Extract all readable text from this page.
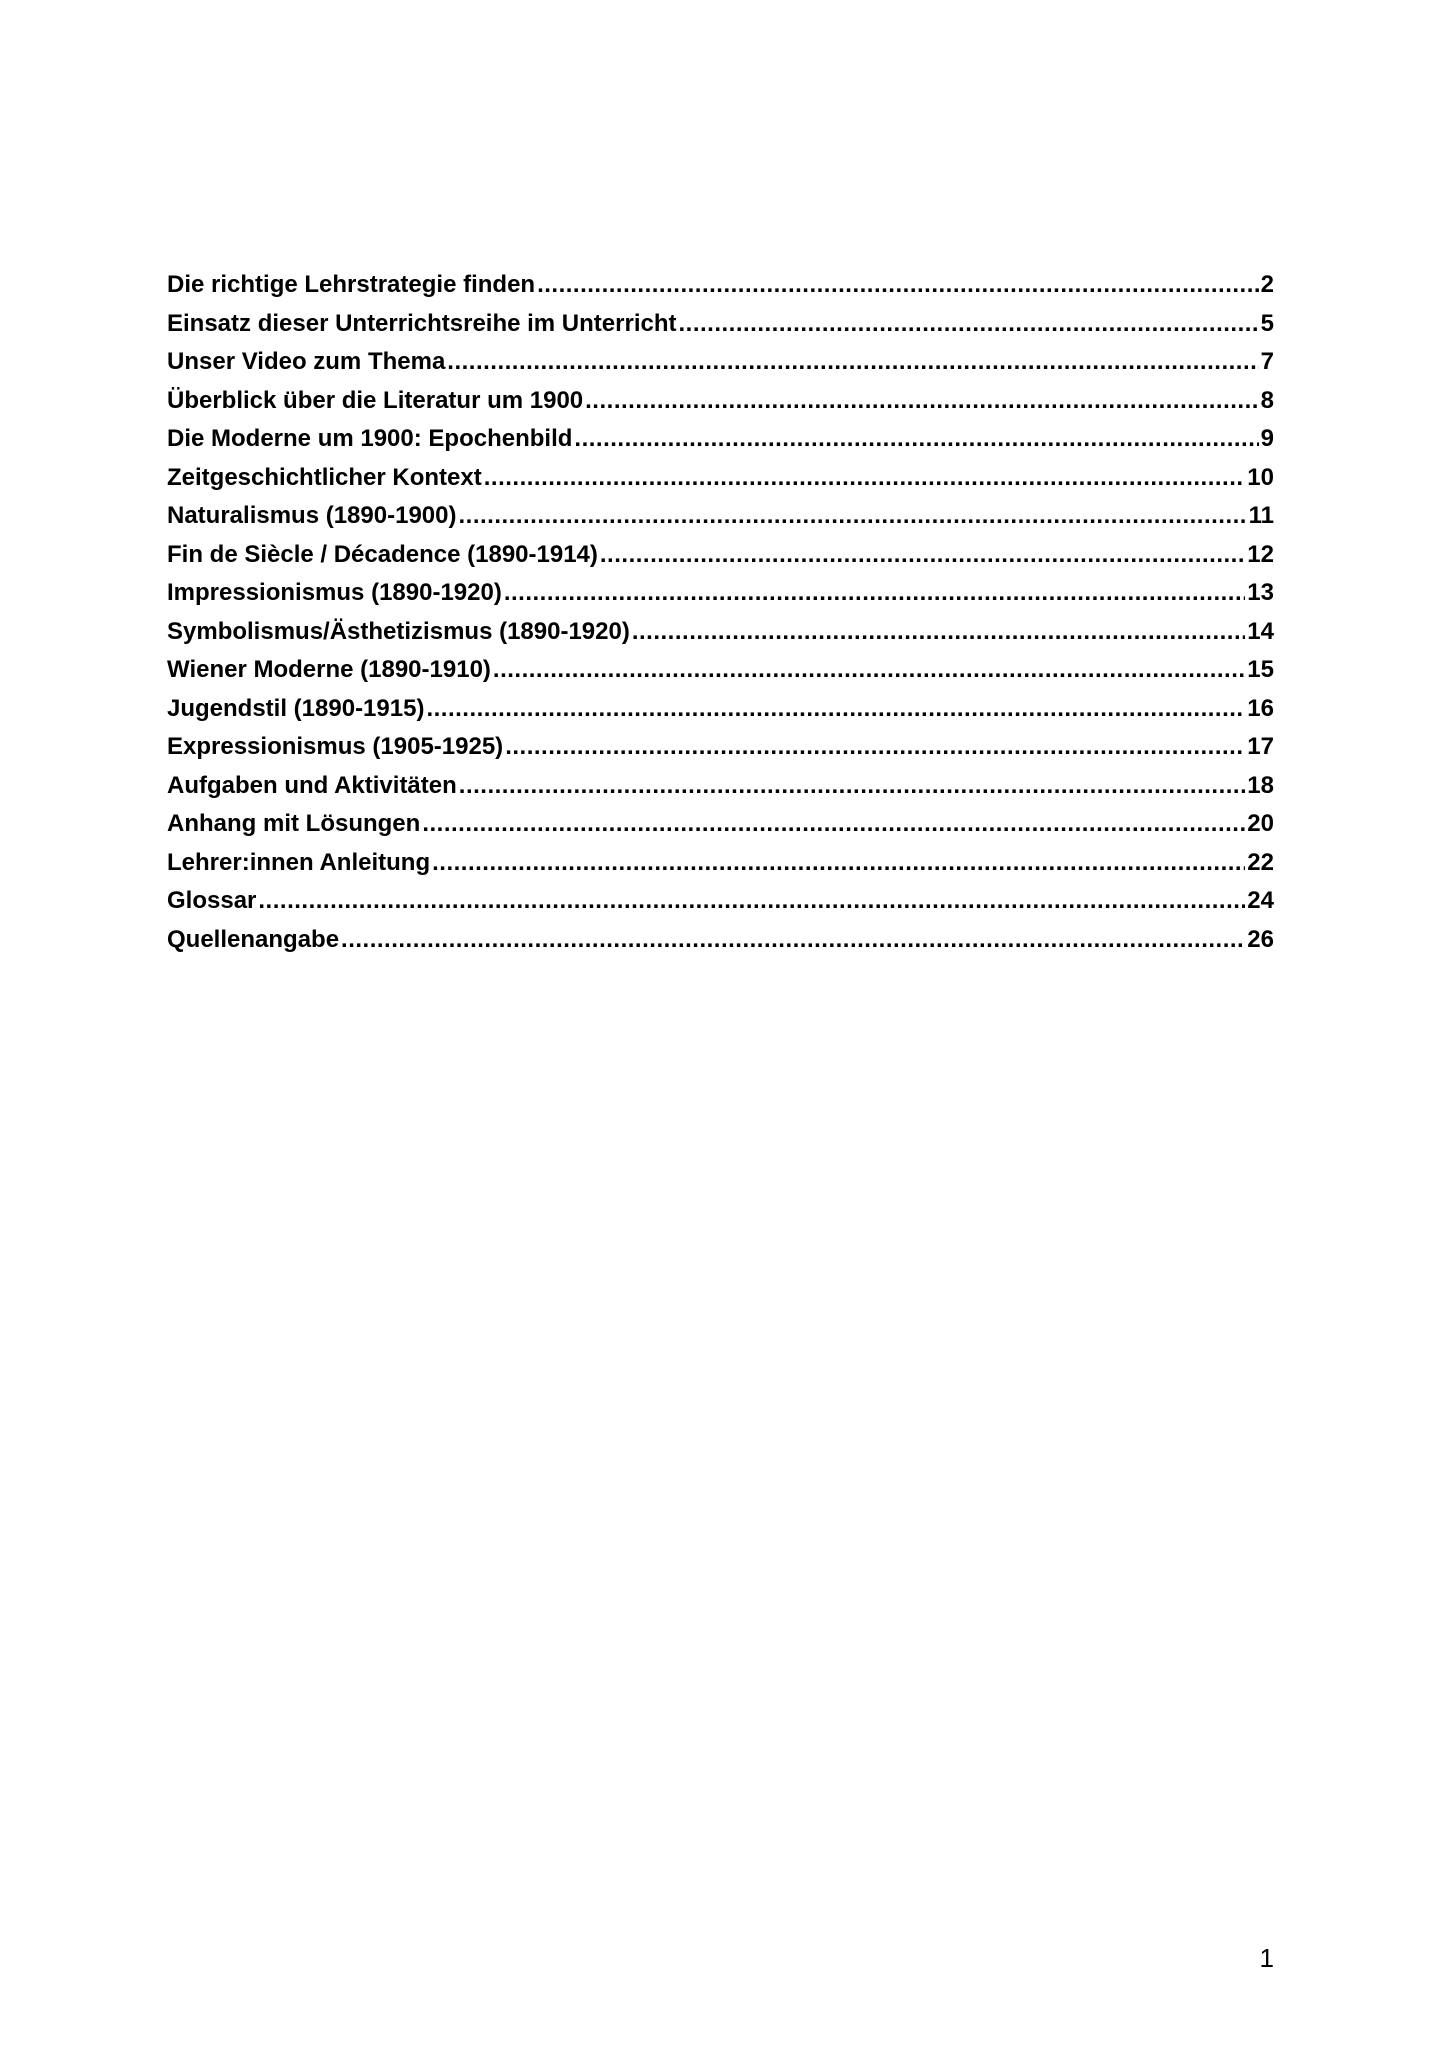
Die richtige Lehrstrategie finden .....	2
Einsatz dieser Unterrichtsreihe im Unterricht .....	5
Unser Video zum Thema .....	7
Überblick über die Literatur um 1900 .....	8
Die Moderne um 1900: Epochenbild .....	9
Zeitgeschichtlicher Kontext .....	10
Naturalismus (1890-1900) .....	11
Fin de Siècle / Décadence (1890-1914) .....	12
Impressionismus (1890-1920) .....	13
Symbolismus/Ästhetizismus (1890-1920) .....	14
Wiener Moderne (1890-1910) .....	15
Jugendstil (1890-1915) .....	16
Expressionismus (1905-1925) .....	17
Aufgaben und Aktivitäten .....	18
Anhang mit Lösungen .....	20
Lehrer:innen Anleitung .....	22
Glossar .....	24
Quellenangabe .....	26
1
